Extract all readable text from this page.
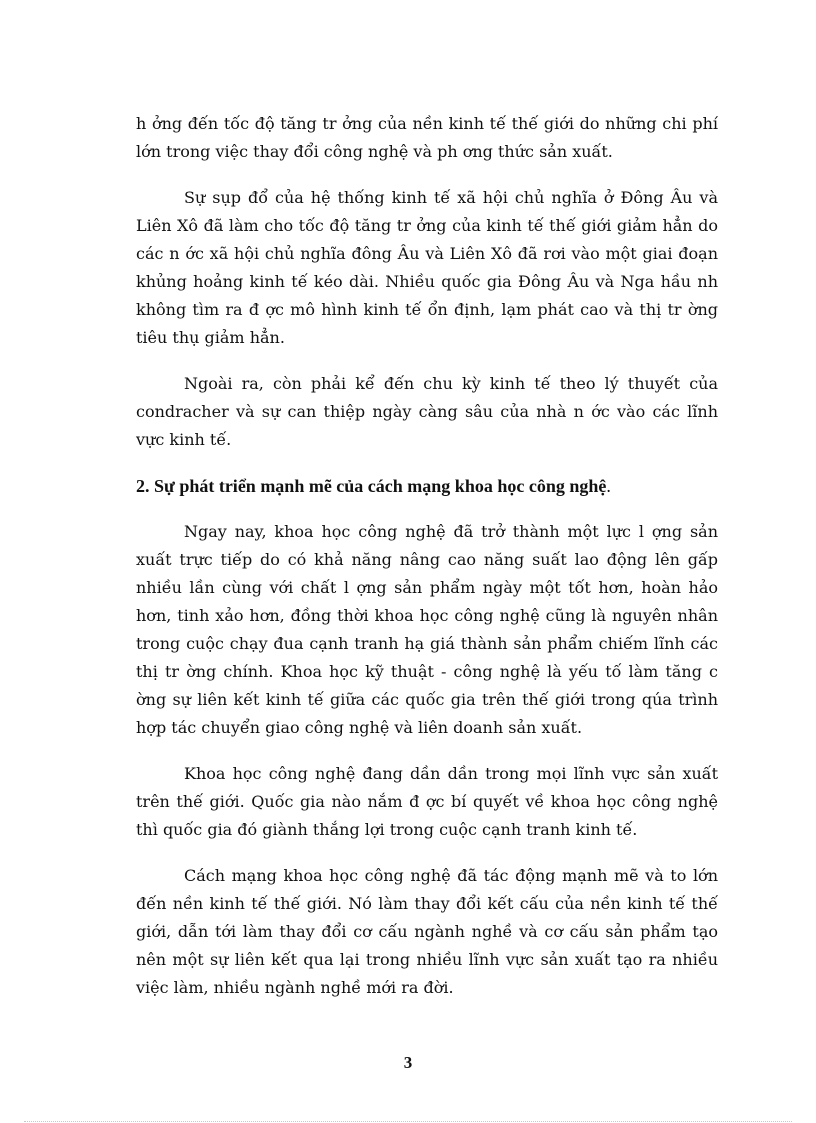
h ởng đến tốc độ tăng tr ởng của nền kinh tế thế giới do những chi phí lớn trong việc thay đổi công nghệ và ph ơng thức sản xuất.

Sự sụp đổ của hệ thống kinh tế xã hội chủ nghĩa ở Đông Âu và Liên Xô đã làm cho tốc độ tăng tr ởng của kinh tế thế giới giảm hẳn do các n ớc xã hội chủ nghĩa đông Âu và Liên Xô đã rơi vào một giai đoạn khủng hoảng kinh tế kéo dài. Nhiều quốc gia Đông Âu và Nga hầu nh không tìm ra đ ợc mô hình kinh tế ổn định, lạm phát cao và thị tr ờng tiêu thụ giảm hẳn.

Ngoài ra, còn phải kể đến chu kỳ kinh tế theo lý thuyết của condracher và sự can thiệp ngày càng sâu của nhà n ớc vào các lĩnh vực kinh tế.

2. Sự phát triển mạnh mẽ của cách mạng khoa học công nghệ.

Ngay nay, khoa học công nghệ đã trở thành một lực l ợng sản xuất trực tiếp do có khả năng nâng cao năng suất lao động lên gấp nhiều lần cùng với chất l ợng sản phẩm ngày một tốt hơn, hoàn hảo hơn, tinh xảo hơn, đồng thời khoa học công nghệ cũng là nguyên nhân trong cuộc chạy đua cạnh tranh hạ giá thành sản phẩm chiếm lĩnh các thị tr ờng chính. Khoa học kỹ thuật - công nghệ là yếu tố làm tăng c ờng sự liên kết kinh tế giữa các quốc gia trên thế giới trong qúa trình hợp tác chuyển giao công nghệ và liên doanh sản xuất.

Khoa học công nghệ đang dần dần trong mọi lĩnh vực sản xuất trên thế giới. Quốc gia nào nắm đ ợc bí quyết về khoa học công nghệ thì quốc gia đó giành thắng lợi trong cuộc cạnh tranh kinh tế.

Cách mạng khoa học công nghệ đã tác động mạnh mẽ và to lớn đến nền kinh tế thế giới. Nó làm thay đổi kết cấu của nền kinh tế thế giới, dẫn tới làm thay đổi cơ cấu ngành nghề và cơ cấu sản phẩm tạo nên một sự liên kết qua lại trong nhiều lĩnh vực sản xuất tạo ra nhiều việc làm, nhiều ngành nghề mới ra đời.

3
